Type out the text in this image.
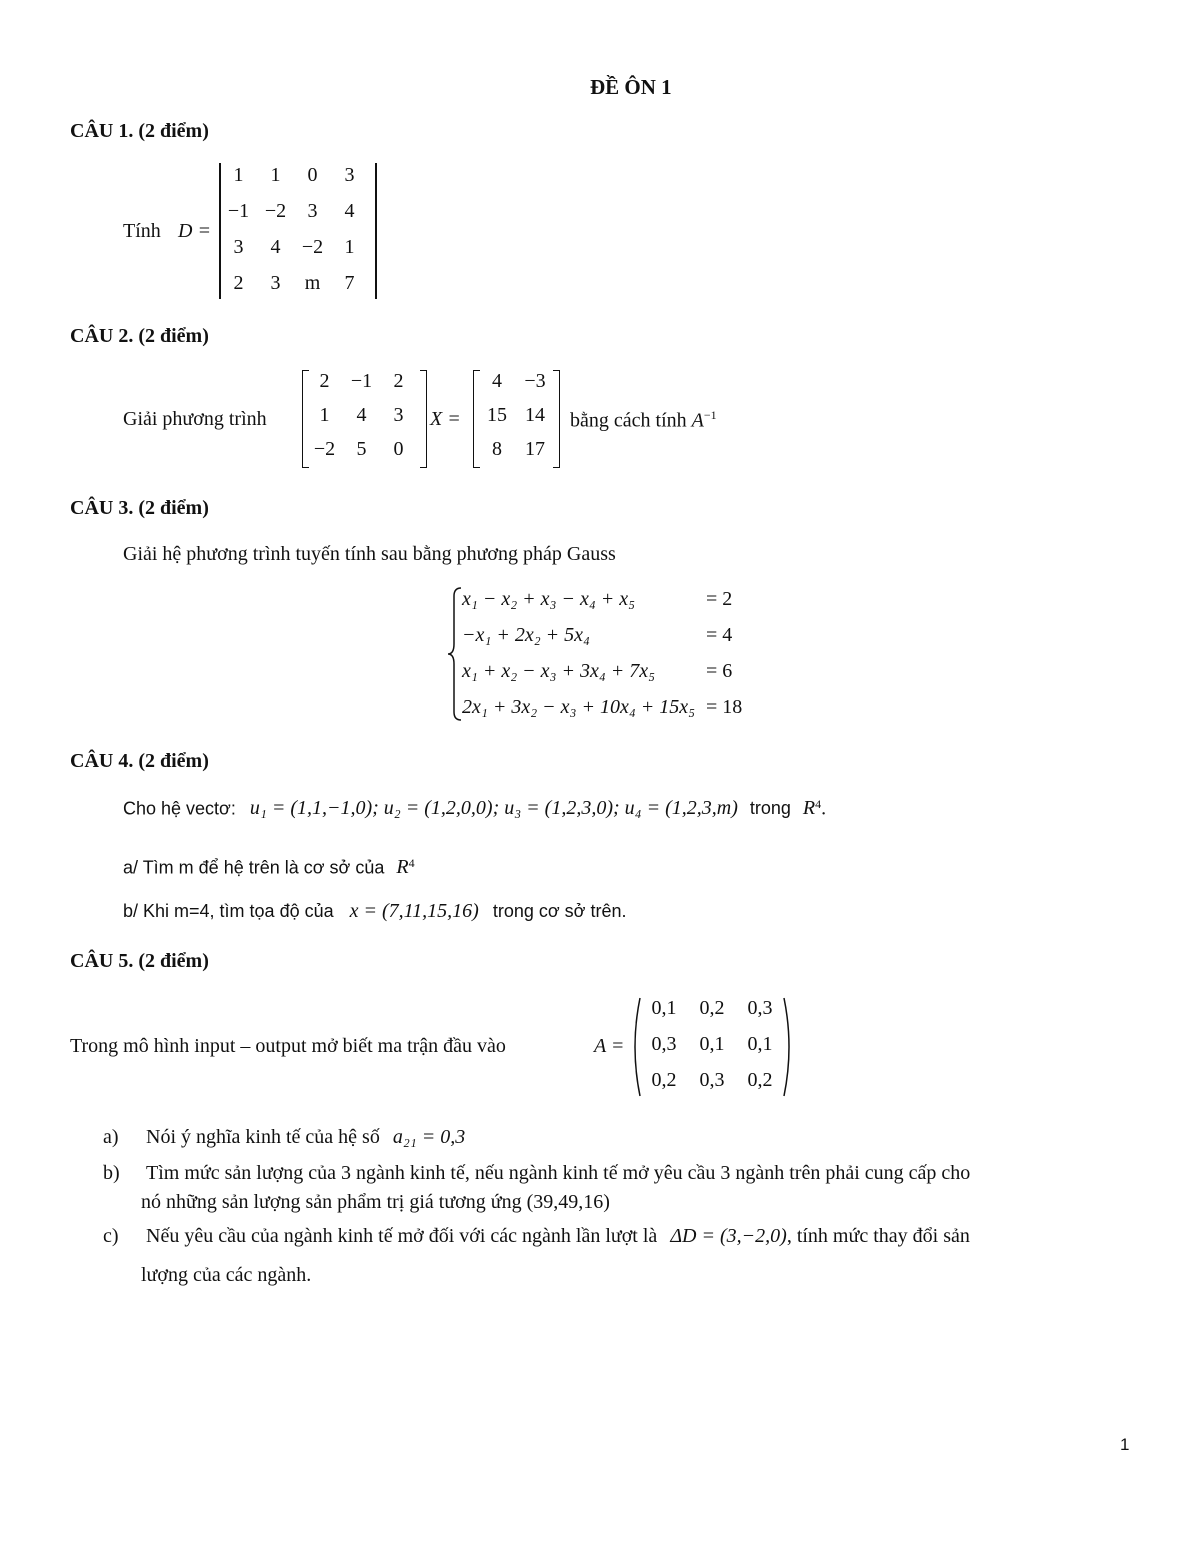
ĐỀ ÔN 1
CÂU 1. (2 điểm)
Tính D =
1	1	0	3
−1 −2	3	4
3	4	−2	1
2	3	m	7
CÂU 2. (2 điểm)
Giải phương trình
2	−1	2
1	4	3
−2	5	0
X =
4	−3
15 14
8	17
bằng cách tính $A^{-1}$
CÂU 3. (2 điểm)
Giải hệ phương trình tuyến tính sau bằng phương pháp Gauss
x₁ − x₂ + x₃ − x₄ + x₅	= 2
−x₁ + 2x₂ + 5x₄	= 4
x₁ + x₂ − x₃ + 3x₄ + 7x₅	= 6
2x₁ + 3x₂ − x₃ + 10x₄ + 15x₅ = 18
CÂU 4. (2 điểm)
Cho hệ vectơ: u₁ = (1,1,−1,0); u₂ = (1,2,0,0); u₃ = (1,2,3,0); u₄ = (1,2,3,m) trong $R^4$.
a/ Tìm m để hệ trên là cơ sở của $R^4$
b/ Khi m=4, tìm tọa độ của x = (7,11,15,16) trong cơ sở trên.
CÂU 5. (2 điểm)
Trong mô hình input – output mở biết ma trận đầu vào	A =
0,1	0,2	0,3
0,3	0,1	0,1
0,2	0,3	0,2
a) Nói ý nghĩa kinh tế của hệ số a₂₁ = 0,3
b) Tìm mức sản lượng của 3 ngành kinh tế, nếu ngành kinh tế mở yêu cầu 3 ngành trên phải cung cấp cho
nó những sản lượng sản phẩm trị giá tương ứng (39,49,16)
c) Nếu yêu cầu của ngành kinh tế mở đối với các ngành lần lượt là ΔD = (3,−2,0), tính mức thay đổi sản
lượng của các ngành.
1
